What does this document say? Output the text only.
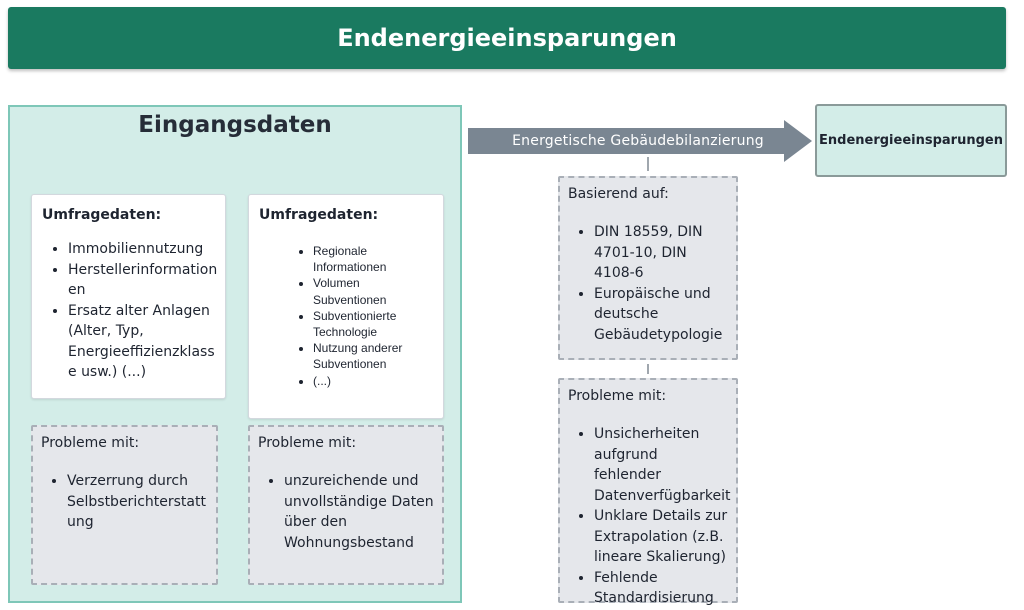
Endenergieeinsparungen
Eingangsdaten
Umfragedaten:
• Immobiliennutzung
• Herstellerinformation en
• Ersatz alter Anlagen (Alter, Typ, Energieeffizienzklass e usw.) (...)
Umfragedaten:
• Regionale Informationen
• Volumen Subventionen
• Subventionierte Technologie
• Nutzung anderer Subventionen
• (...)
Probleme mit:
• Verzerrung durch Selbstberichterstatt ung
Probleme mit:
• unzureichende und unvollständige Daten über den Wohnungsbestand
Energetische Gebäudebilanzierung	Endenergieeinsparungen
Basierend auf:
• DIN 18559, DIN 4701-10, DIN 4108-6
• Europäische und deutsche Gebäudetypologie
Probleme mit:
• Unsicherheiten aufgrund fehlender Datenverfügbarkeit
• Unklare Details zur Extrapolation (z.B. lineare Skalierung)
• Fehlende Standardisierung
